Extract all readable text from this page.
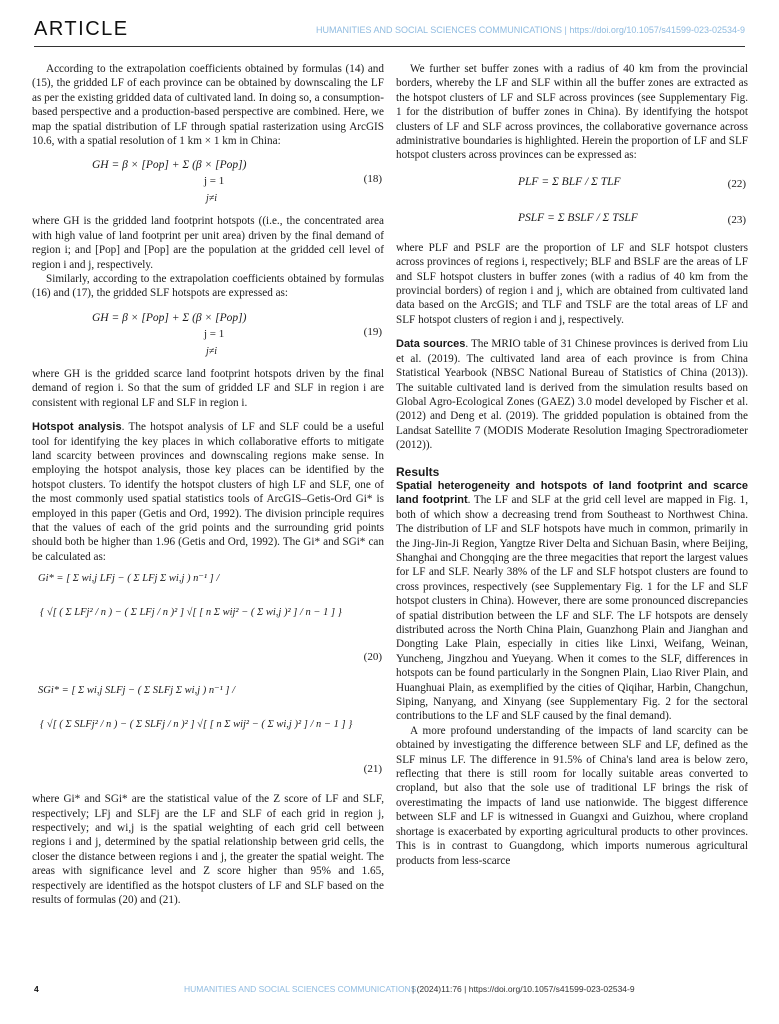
ARTICLE	HUMANITIES AND SOCIAL SCIENCES COMMUNICATIONS | https://doi.org/10.1057/s41599-023-02534-9

According to the extrapolation coefficients obtained by formulas (14) and (15), the gridded LF of each province can be obtained by downscaling the LF as per the existing gridded data of cultivated land. In doing so, a consumption-based perspective and a production-based perspective are combined. Here, we map the spatial distribution of LF through spatial rasterization using ArcGIS 10.6, with a spatial resolution of 1 km × 1 km in China:

GH = β × [Pop] + Σ (β × [Pop])
j = 1
j≠i
(18)

where GH is the gridded land footprint hotspots ((i.e., the concentrated area with high value of land footprint per unit area) driven by the final demand of region i; and [Pop] and [Pop] are the population at the gridded cell level of region i and j, respectively.

Similarly, according to the extrapolation coefficients obtained by formulas (16) and (17), the gridded SLF hotspots are expressed as:

GH = β × [Pop] + Σ (β × [Pop])
j = 1
j≠i
(19)

where GH is the gridded scarce land footprint hotspots driven by the final demand of region i. So that the sum of gridded LF and SLF in region i are consistent with regional LF and SLF in region i.

Hotspot analysis. The hotspot analysis of LF and SLF could be a useful tool for identifying the key places in which collaborative efforts to mitigate land scarcity between provinces and downscaling regions make sense. In employing the hotspot analysis, those key places can be identified by the hotspot clusters. To identify the hotspot clusters of high LF and SLF, one of the most commonly used spatial statistics tools of ArcGIS–Getis-Ord Gi* is employed in this paper (Getis and Ord, 1992). The division principle requires that the values of each of the grid points and the surrounding grid points should both be higher than 1.96 (Getis and Ord, 1992). The Gi* and SGi* can be calculated as:

Gi* = [ Σ wi,j LFj − ( Σ LFj Σ wi,j ) n⁻¹ ] /
{ √[ ( Σ LFj² / n ) − ( Σ LFj / n )² ] √[ [ n Σ wij² − ( Σ wi,j )² ] / n − 1 ] }
(20)
SGi* = [ Σ wi,j SLFj − ( Σ SLFj Σ wi,j ) n⁻¹ ] /
{ √[ ( Σ SLFj² / n ) − ( Σ SLFj / n )² ] √[ [ n Σ wij² − ( Σ wi,j )² ] / n − 1 ] }
(21)

where Gi* and SGi* are the statistical value of the Z score of LF and SLF, respectively; LFj and SLFj are the LF and SLF of each grid in region j, respectively; and wi,j is the spatial weighting of each grid cell between regions i and j, determined by the spatial relationship between grid cells, the closer the distance between regions i and j, the greater the spatial weight. The areas with significance level and Z score higher than 95% and 1.65, respectively are identified as the hotspot clusters of LF and SLF based on the results of formulas (20) and (21).

We further set buffer zones with a radius of 40 km from the provincial borders, whereby the LF and SLF within all the buffer zones are extracted as the hotspot clusters of LF and SLF across provinces (see Supplementary Fig. 1 for the distribution of buffer zones in China). By identifying the hotspot clusters of LF and SLF across provinces, the collaborative governance across administrative boundaries is highlighted. Herein the proportion of LF and SLF hotspot clusters across provinces can be expressed as:

PLF = Σ BLF / Σ TLF	(22)
PSLF = Σ BSLF / Σ TSLF	(23)

where PLF and PSLF are the proportion of LF and SLF hotspot clusters across provinces of regions i, respectively; BLF and BSLF are the areas of LF and SLF hotspot clusters in buffer zones (with a radius of 40 km from the provincial borders) of region i and j, which are obtained from cultivated land data based on the ArcGIS; and TLF and TSLF are the total areas of LF and SLF hotspot clusters of region i and j, respectively.

Data sources. The MRIO table of 31 Chinese provinces is derived from Liu et al. (2019). The cultivated land area of each province is from China Statistical Yearbook (NBSC National Bureau of Statistics of China (2013)). The suitable cultivated land is derived from the simulation results based on Global Agro-Ecological Zones (GAEZ) 3.0 model developed by Fischer et al. (2012) and Deng et al. (2019). The gridded population is obtained from the Landsat Satellite 7 (MODIS Moderate Resolution Imaging Spectroradiometer (2012)).

Results

Spatial heterogeneity and hotspots of land footprint and scarce land footprint. The LF and SLF at the grid cell level are mapped in Fig. 1, both of which show a decreasing trend from Southeast to Northwest China. The distribution of LF and SLF hotspots have much in common, primarily in the Jing-Jin-Ji Region, Yangtze River Delta and Sichuan Basin, where Beijing, Shanghai and Chongqing are the three megacities that report the largest values for LF and SLF. Nearly 38% of the LF and SLF hotspot clusters are found to cross provinces, respectively (see Supplementary Fig. 1 for the LF and SLF hotspot clusters in China). However, there are some pronounced discrepancies of spatial distribution between the LF and SLF. The LF hotspots are densely distributed across the North China Plain, Guanzhong Plain and Jianghan and Dongting Lake Plain, especially in cities like Linxi, Weifang, Weinan, Yuncheng, Jingzhou and Yueyang. When it comes to the SLF, differences in hotspots can be found particularly in the Songnen Plain, Liao River Plain, and Huanghuai Plain, as exemplified by the cities of Qiqihar, Harbin, Changchun, Siping, Nanyang, and Xinyang (see Supplementary Fig. 2 for the sectoral contributions to the LF and SLF caused by the final demand).

A more profound understanding of the impacts of land scarcity can be obtained by investigating the difference between SLF and LF, defined as the SLF minus LF. The difference in 91.5% of China's land area is below zero, reflecting that there is still room for locally suitable areas converted to cropland, but also that the sole use of traditional LF brings the risk of overestimating the impacts of land use nationwide. The biggest difference between SLF and LF is witnessed in Guangxi and Guizhou, where cropland shortage is exacerbated by exporting agricultural products to other provinces. This is in contrast to Guangdong, which imports numerous agricultural products from less-scarce

4	HUMANITIES AND SOCIAL SCIENCES COMMUNICATIONS
| (2024)11:76 | https://doi.org/10.1057/s41599-023-02534-9
